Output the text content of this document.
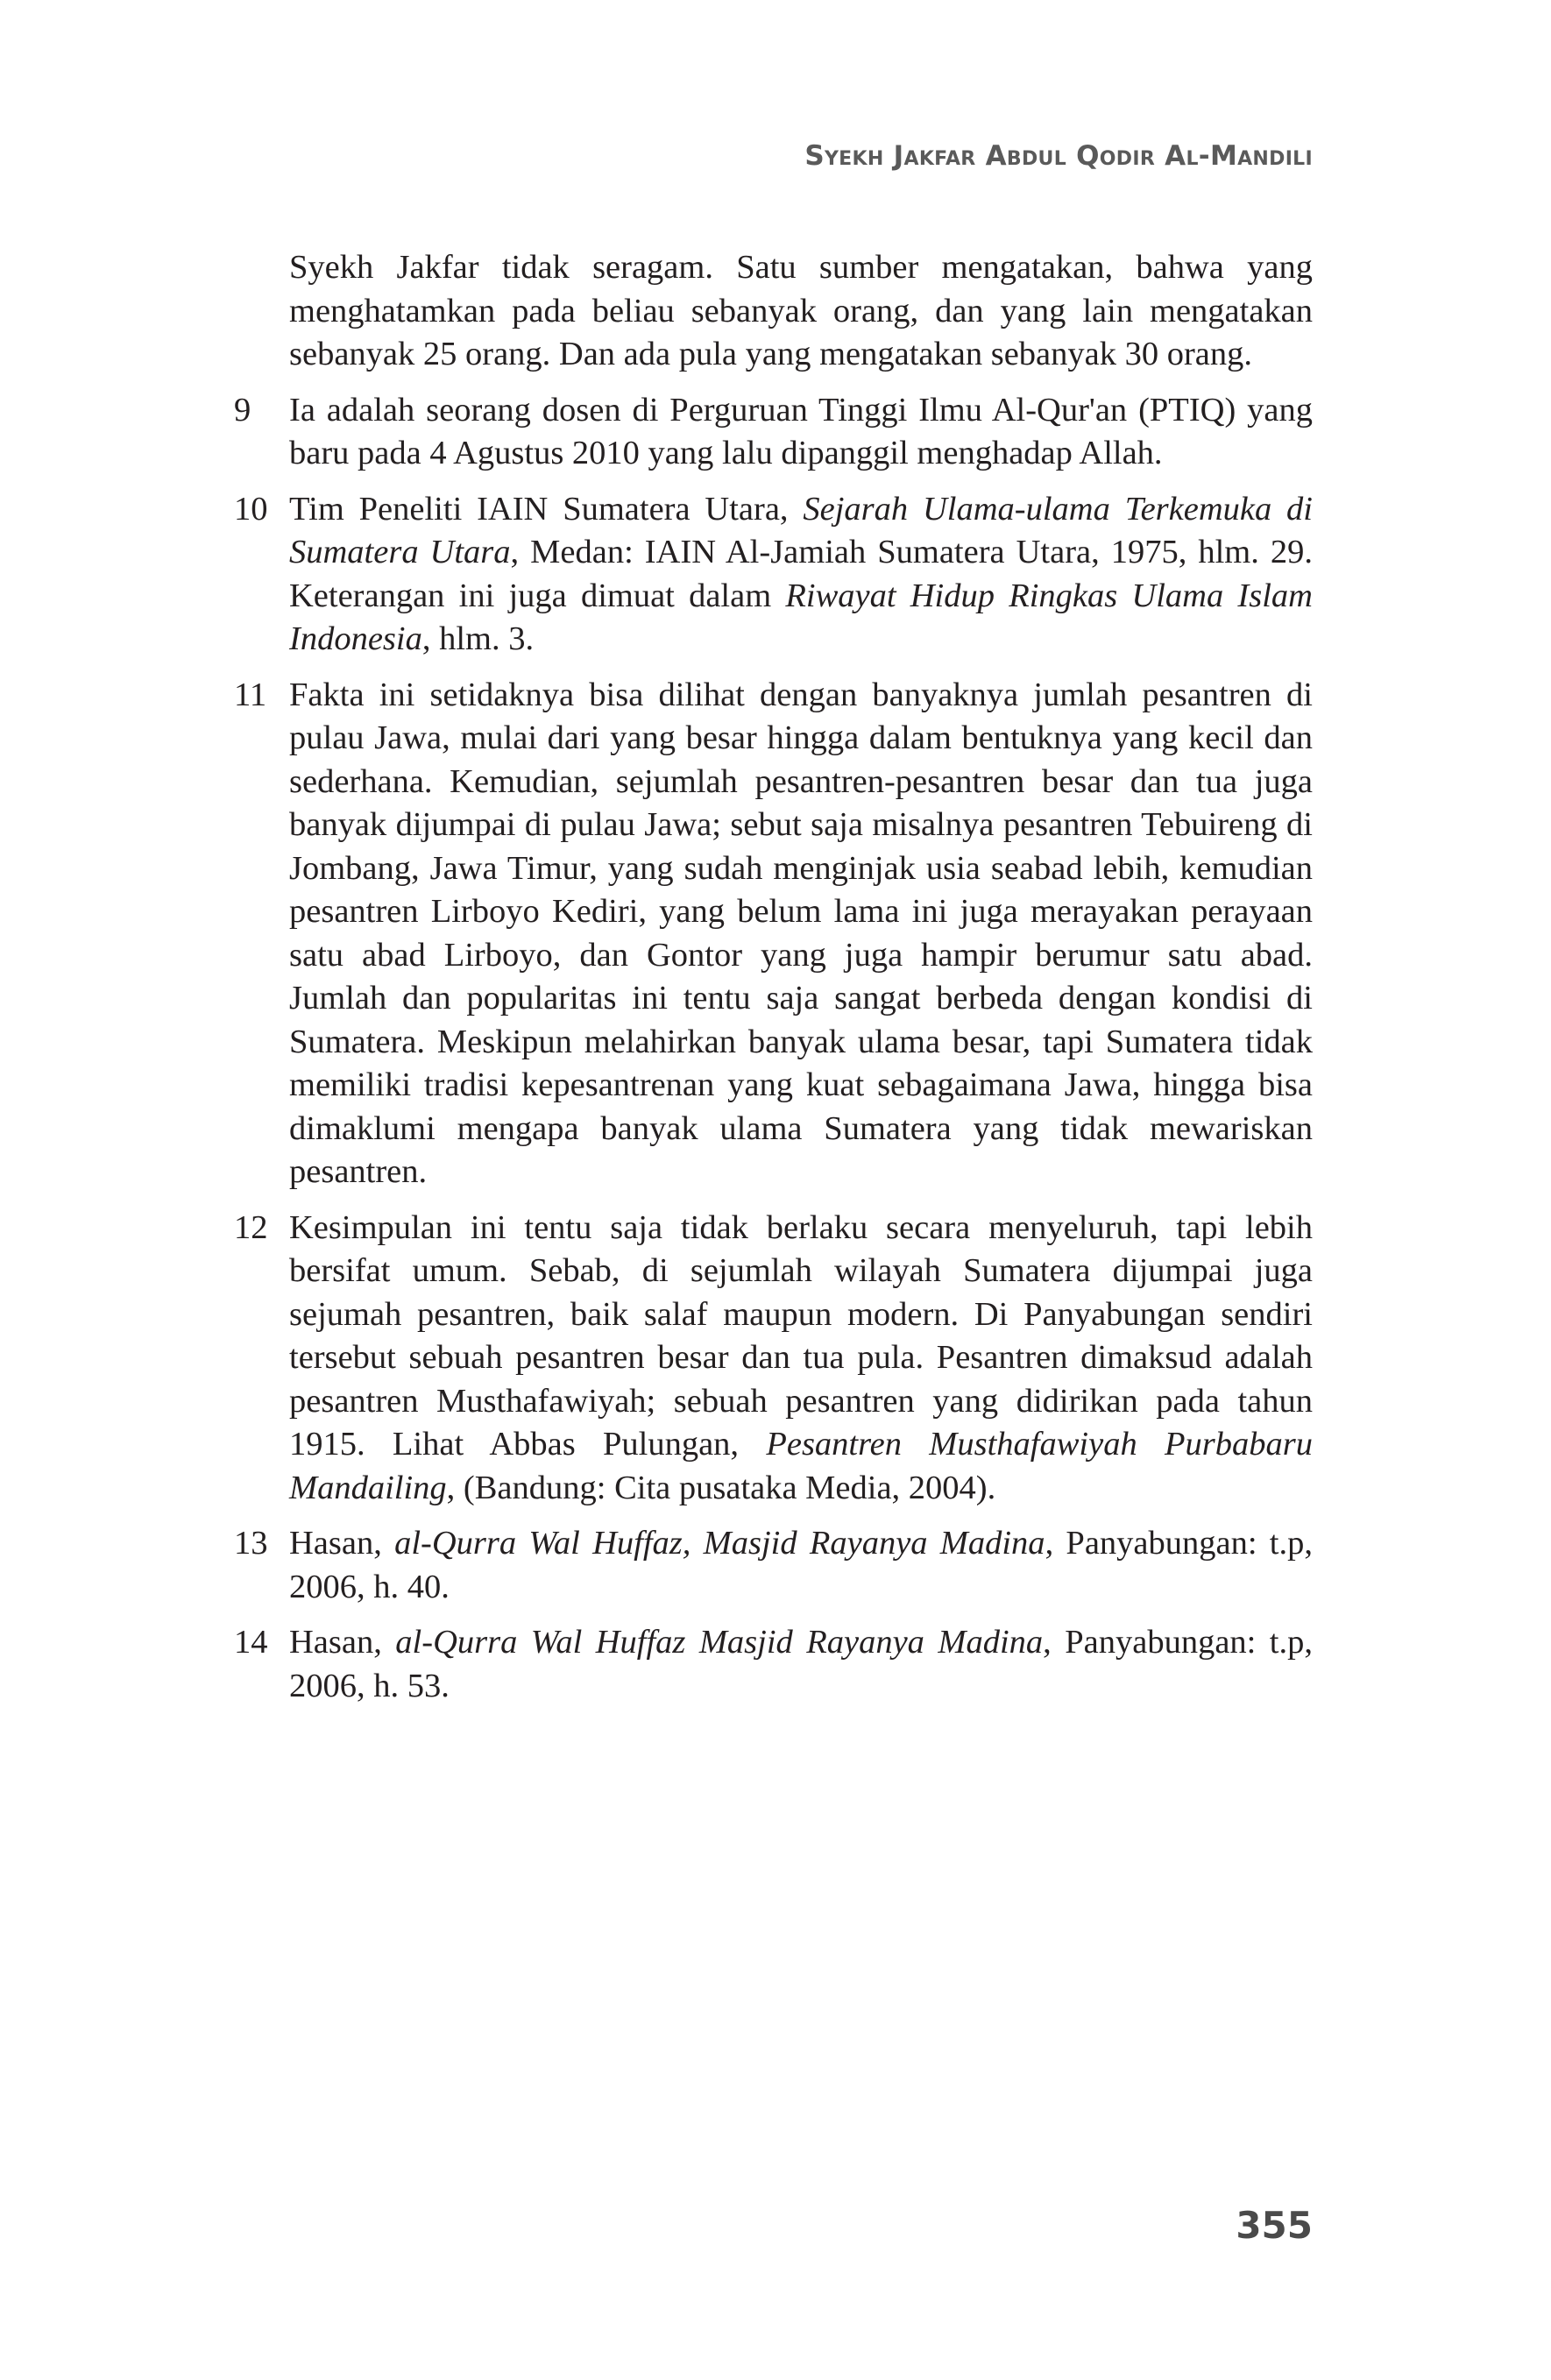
Syekh Jakfar Abdul Qodir Al-Mandili
Syekh Jakfar tidak seragam. Satu sumber mengatakan, bahwa yang menghatamkan pada beliau sebanyak orang, dan yang lain mengatakan sebanyak 25 orang. Dan ada pula yang mengatakan sebanyak 30 orang.
9	Ia adalah seorang dosen di Perguruan Tinggi Ilmu Al-Qur'an (PTIQ) yang baru pada 4 Agustus 2010 yang lalu dipanggil menghadap Allah.
10 Tim Peneliti IAIN Sumatera Utara, Sejarah Ulama-ulama Terkemuka di Sumatera Utara, Medan: IAIN Al-Jamiah Sumatera Utara, 1975, hlm. 29. Keterangan ini juga dimuat dalam Riwayat Hidup Ringkas Ulama Islam Indonesia, hlm. 3.
11 Fakta ini setidaknya bisa dilihat dengan banyaknya jumlah pesantren di pulau Jawa, mulai dari yang besar hingga dalam bentuknya yang kecil dan sederhana. Kemudian, sejumlah pesantren-pesantren besar dan tua juga banyak dijumpai di pulau Jawa; sebut saja misalnya pesantren Tebuireng di Jombang, Jawa Timur, yang sudah menginjak usia seabad lebih, kemudian pesantren Lirboyo Kediri, yang belum lama ini juga merayakan perayaan satu abad Lirboyo, dan Gontor yang juga hampir berumur satu abad. Jumlah dan popularitas ini tentu saja sangat berbeda dengan kondisi di Sumatera. Meskipun melahirkan banyak ulama besar, tapi Sumatera tidak memiliki tradisi kepesantrenan yang kuat sebagaimana Jawa, hingga bisa dimaklumi mengapa banyak ulama Sumatera yang tidak mewariskan pesantren.
12 Kesimpulan ini tentu saja tidak berlaku secara menyeluruh, tapi lebih bersifat umum. Sebab, di sejumlah wilayah Sumatera dijumpai juga sejumah pesantren, baik salaf maupun modern. Di Panyabungan sendiri tersebut sebuah pesantren besar dan tua pula. Pesantren dimaksud adalah pesantren Musthafawiyah; sebuah pesantren yang didirikan pada tahun 1915. Lihat Abbas Pulungan, Pesantren Musthafawiyah Purbabaru Mandailing, (Bandung: Cita pusataka Media, 2004).
13 Hasan, al-Qurra Wal Huffaz, Masjid Rayanya Madina, Panyabungan: t.p, 2006, h. 40.
14 Hasan, al-Qurra Wal Huffaz Masjid Rayanya Madina, Panyabungan: t.p, 2006, h. 53.
355
